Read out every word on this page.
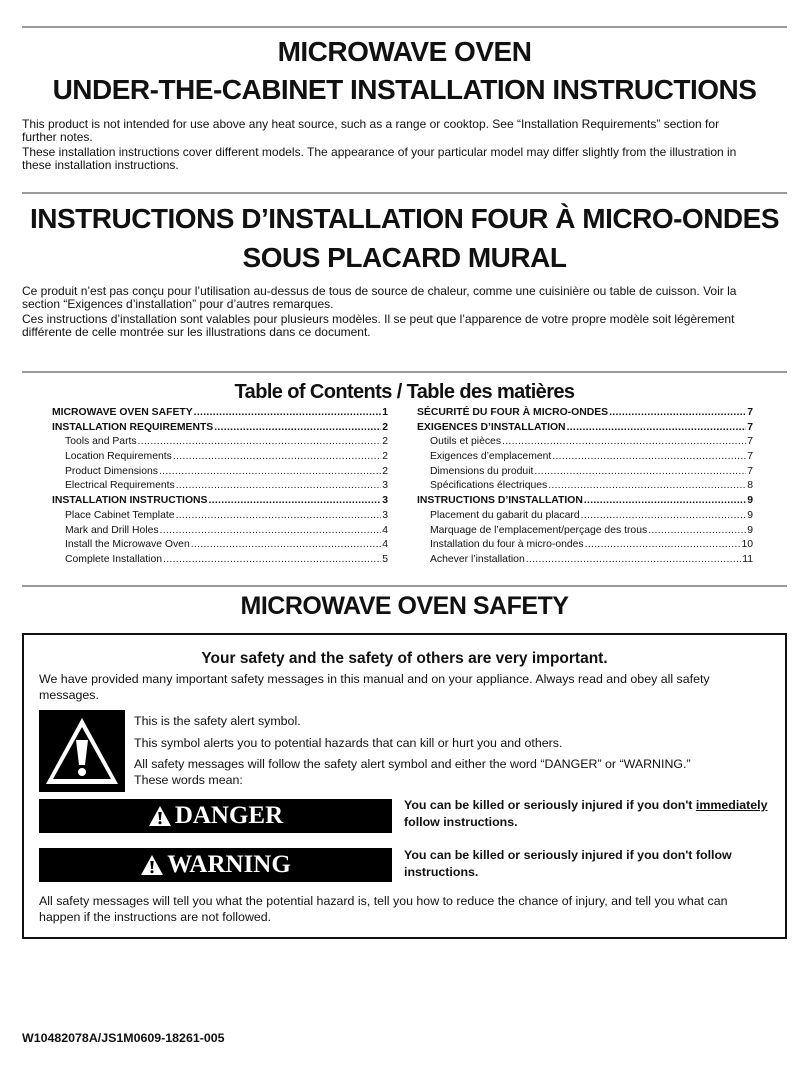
MICROWAVE OVEN
UNDER-THE-CABINET INSTALLATION INSTRUCTIONS

This product is not intended for use above any heat source, such as a range or cooktop. See “Installation Requirements” section for

further notes.

These installation instructions cover different models. The appearance of your particular model may differ slightly from the illustration in

these installation instructions.

INSTRUCTIONS D’INSTALLATION FOUR À MICRO-ONDES
SOUS PLACARD MURAL

Ce produit n’est pas conçu pour l’utilisation au-dessus de tous de source de chaleur, comme une cuisinière ou table de cuisson. Voir la

section “Exigences d’installation” pour d’autres remarques.

Ces instructions d’installation sont valables pour plusieurs modèles. Il se peut que l’apparence de votre propre modèle soit légèrement

différente de celle montrée sur les illustrations dans ce document.

Table of Contents / Table des matières
MICROWAVE OVEN SAFETY .....	1
INSTALLATION REQUIREMENTS .....	2
Tools and Parts .....	2
Location Requirements .....	2
Product Dimensions .....	2
Electrical Requirements .....	3
INSTALLATION INSTRUCTIONS .....	3
Place Cabinet Template .....	3
Mark and Drill Holes .....	4
Install the Microwave Oven .....	4
Complete Installation .....	5
SÉCURITÉ DU FOUR À MICRO-ONDES .....	7
EXIGENCES D’INSTALLATION .....	7
Outils et pièces .....	7
Exigences d’emplacement .....	7
Dimensions du produit .....	7
Spécifications électriques .....	8
INSTRUCTIONS D’INSTALLATION .....	9
Placement du gabarit du placard .....	9
Marquage de l’emplacement/perçage des trous .....	9
Installation du four à micro-ondes .....	10
Achever l’installation .....	11
MICROWAVE OVEN SAFETY
Your safety and the safety of others are very important.

We have provided many important safety messages in this manual and on your appliance. Always read and obey all safety

messages.

This is the safety alert symbol.

This symbol alerts you to potential hazards that can kill or hurt you and others.

All safety messages will follow the safety alert symbol and either the word “DANGER” or “WARNING.”

These words mean:

DANGER	You can be killed or seriously injured if you don't immediately
follow instructions.

WARNING	You can be killed or seriously injured if you don't follow
instructions.

All safety messages will tell you what the potential hazard is, tell you how to reduce the chance of injury, and tell you what can

happen if the instructions are not followed.

W10482078A/JS1M0609-18261-005
